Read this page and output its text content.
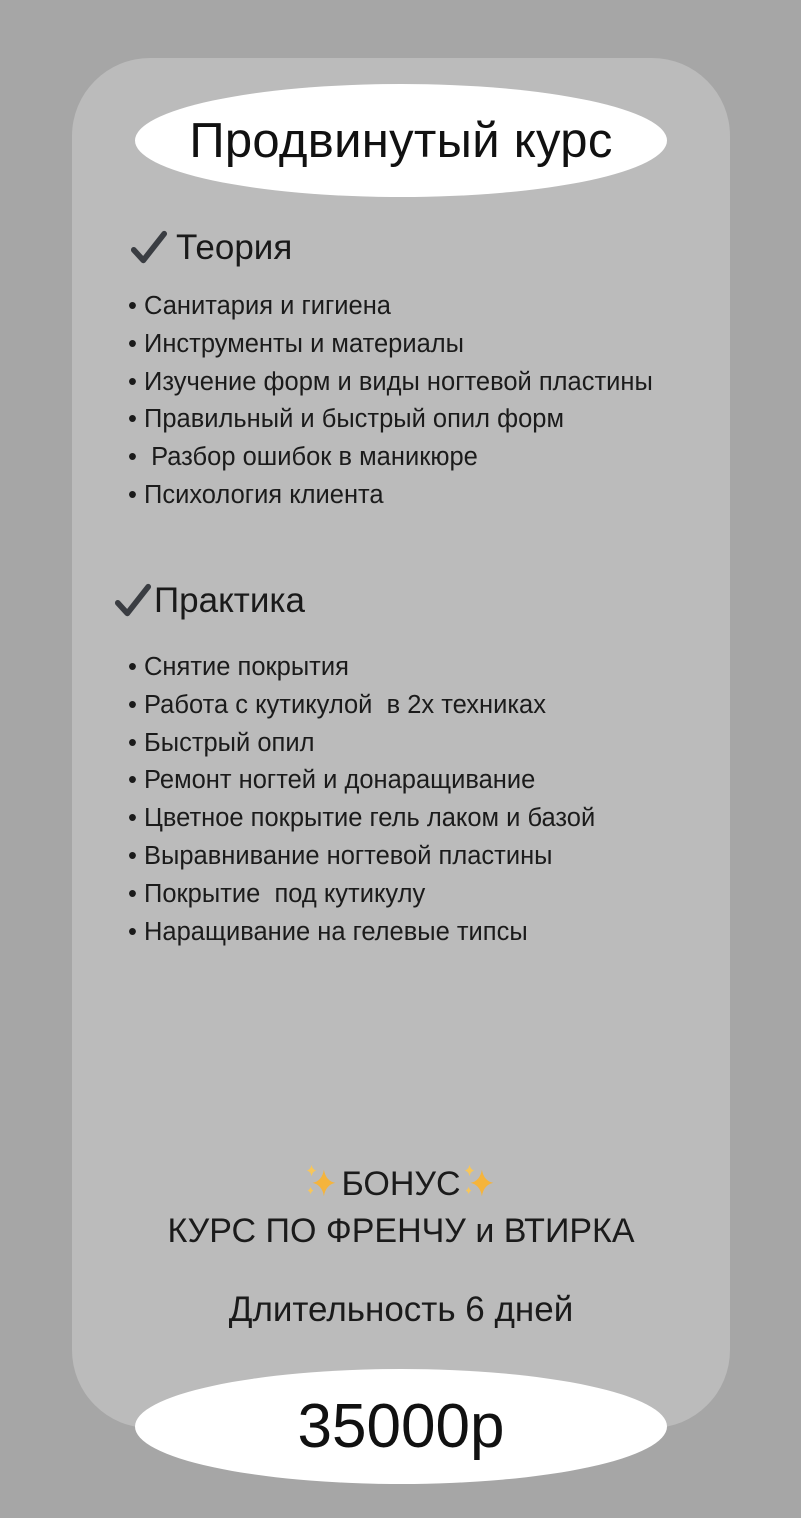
Продвинутый курс
Теория
• Санитария и гигиена
• Инструменты и материалы
• Изучение форм и виды ногтевой пластины
• Правильный и быстрый опил форм
•  Разбор ошибок в маникюре
• Психология клиента
Практика
• Снятие покрытия
• Работа с кутикулой  в 2х техниках
• Быстрый опил
• Ремонт ногтей и донаращивание
• Цветное покрытие гель лаком и базой
• Выравнивание ногтевой пластины
• Покрытие  под кутикулу
• Наращивание на гелевые типсы
БОНУС
КУРС ПО ФРЕНЧУ и ВТИРКА
Длительность 6 дней
35000р
